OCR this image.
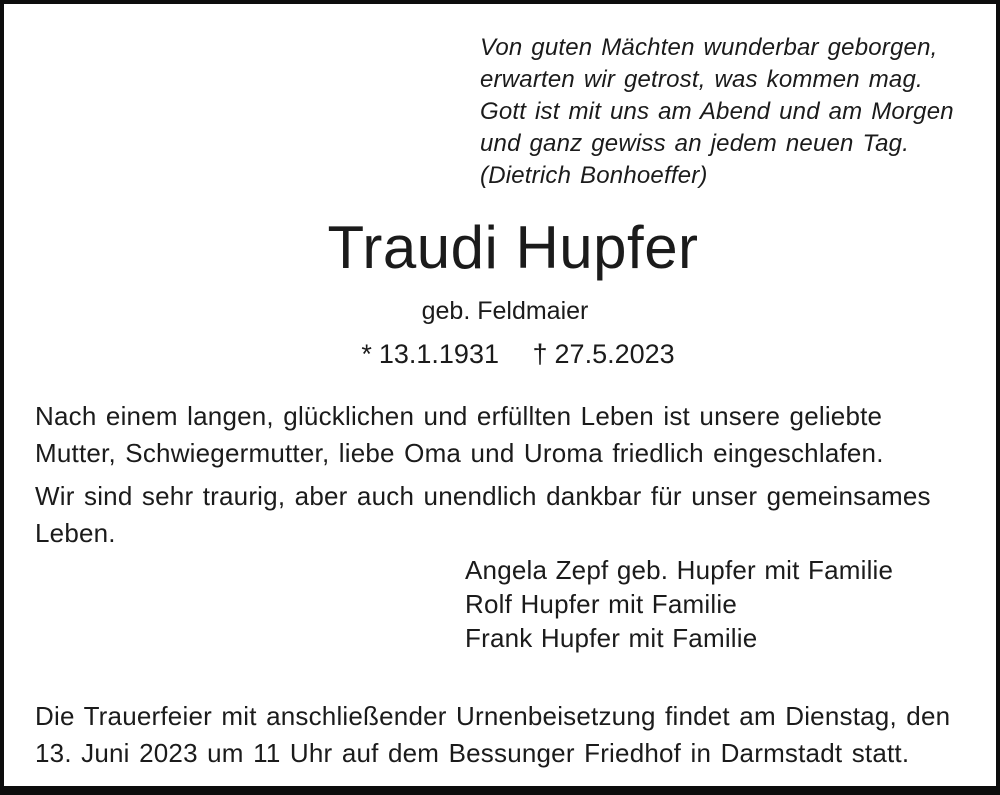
Von guten Mächten wunderbar geborgen,
erwarten wir getrost, was kommen mag.
Gott ist mit uns am Abend und am Morgen
und ganz gewiss an jedem neuen Tag.
(Dietrich Bonhoeffer)
Traudi Hupfer
geb. Feldmaier
* 13.1.1931 † 27.5.2023
Nach einem langen, glücklichen und erfüllten Leben ist unsere geliebte
Mutter, Schwiegermutter, liebe Oma und Uroma friedlich eingeschlafen.
Wir sind sehr traurig, aber auch unendlich dankbar für unser gemeinsames
Leben.
Angela Zepf geb. Hupfer mit Familie
Rolf Hupfer mit Familie
Frank Hupfer mit Familie
Die Trauerfeier mit anschließender Urnenbeisetzung findet am Dienstag, den
13. Juni 2023 um 11 Uhr auf dem Bessunger Friedhof in Darmstadt statt.
